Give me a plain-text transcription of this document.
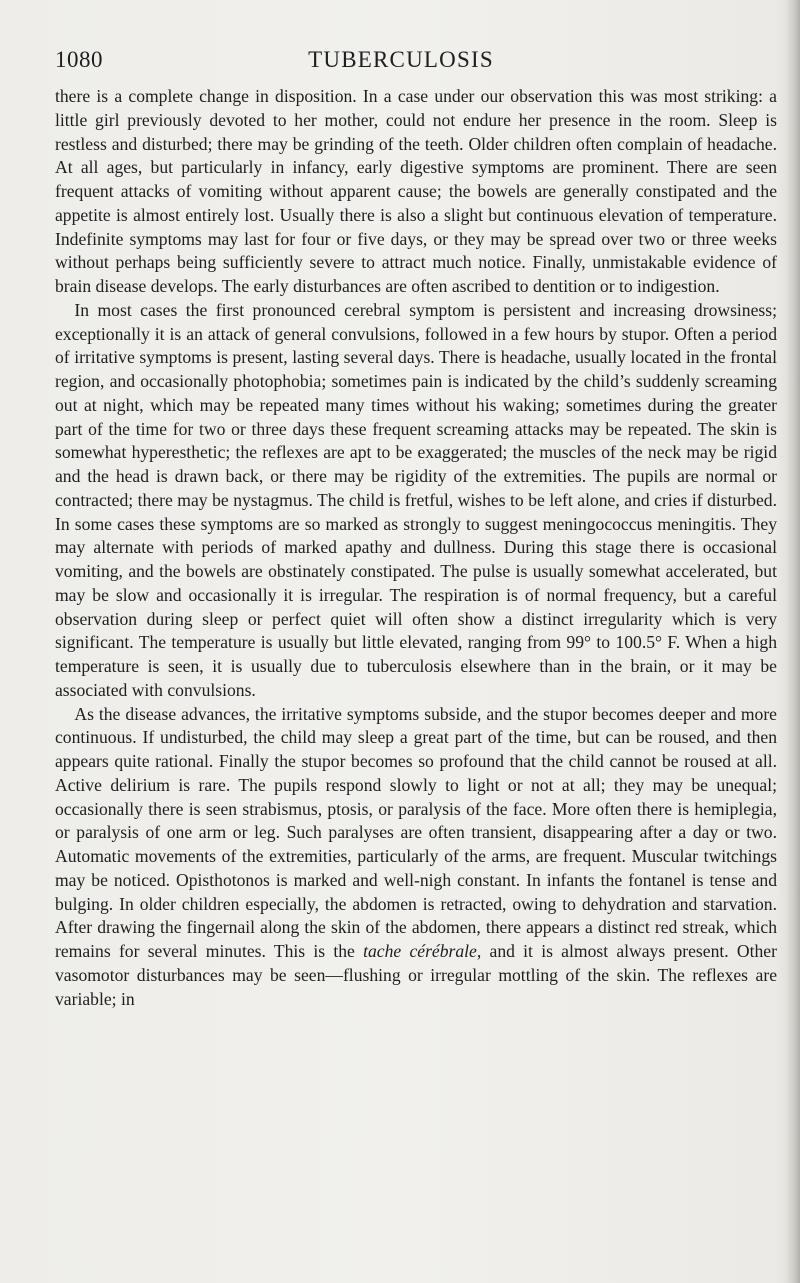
1080	TUBERCULOSIS

there is a complete change in disposition. In a case under our observation this was most striking: a little girl previously devoted to her mother, could not endure her presence in the room. Sleep is restless and disturbed; there may be grinding of the teeth. Older children often complain of headache. At all ages, but particularly in infancy, early digestive symptoms are prominent. There are seen frequent attacks of vomiting without apparent cause; the bowels are generally constipated and the appetite is almost entirely lost. Usually there is also a slight but continuous elevation of temperature. Indefinite symptoms may last for four or five days, or they may be spread over two or three weeks without perhaps being sufficiently severe to attract much notice. Finally, unmistakable evidence of brain disease develops. The early disturbances are often ascribed to dentition or to indigestion.

In most cases the first pronounced cerebral symptom is persistent and increasing drowsiness; exceptionally it is an attack of general convulsions, followed in a few hours by stupor. Often a period of irritative symptoms is present, lasting several days. There is headache, usually located in the frontal region, and occasionally photophobia; sometimes pain is indicated by the child’s suddenly screaming out at night, which may be repeated many times without his waking; sometimes during the greater part of the time for two or three days these frequent screaming attacks may be repeated. The skin is somewhat hyperesthetic; the reflexes are apt to be exaggerated; the muscles of the neck may be rigid and the head is drawn back, or there may be rigidity of the extremities. The pupils are normal or contracted; there may be nystagmus. The child is fretful, wishes to be left alone, and cries if disturbed. In some cases these symptoms are so marked as strongly to suggest meningococcus meningitis. They may alternate with periods of marked apathy and dullness. During this stage there is occasional vomiting, and the bowels are obstinately constipated. The pulse is usually somewhat accelerated, but may be slow and occasionally it is irregular. The respiration is of normal frequency, but a careful observation during sleep or perfect quiet will often show a distinct irregularity which is very significant. The temperature is usually but little elevated, ranging from 99° to 100.5° F. When a high temperature is seen, it is usually due to tuberculosis elsewhere than in the brain, or it may be associated with convulsions.

As the disease advances, the irritative symptoms subside, and the stupor becomes deeper and more continuous. If undisturbed, the child may sleep a great part of the time, but can be roused, and then appears quite rational. Finally the stupor becomes so profound that the child cannot be roused at all. Active delirium is rare. The pupils respond slowly to light or not at all; they may be unequal; occasionally there is seen strabismus, ptosis, or paralysis of the face. More often there is hemiplegia, or paralysis of one arm or leg. Such paralyses are often transient, disappearing after a day or two. Automatic movements of the extremities, particularly of the arms, are frequent. Muscular twitchings may be noticed. Opisthotonos is marked and well-nigh constant. In infants the fontanel is tense and bulging. In older children especially, the abdomen is retracted, owing to dehydration and starvation. After drawing the fingernail along the skin of the abdomen, there appears a distinct red streak, which remains for several minutes. This is the tache cérébrale, and it is almost always present. Other vasomotor disturbances may be seen—flushing or irregular mottling of the skin. The reflexes are variable; in
